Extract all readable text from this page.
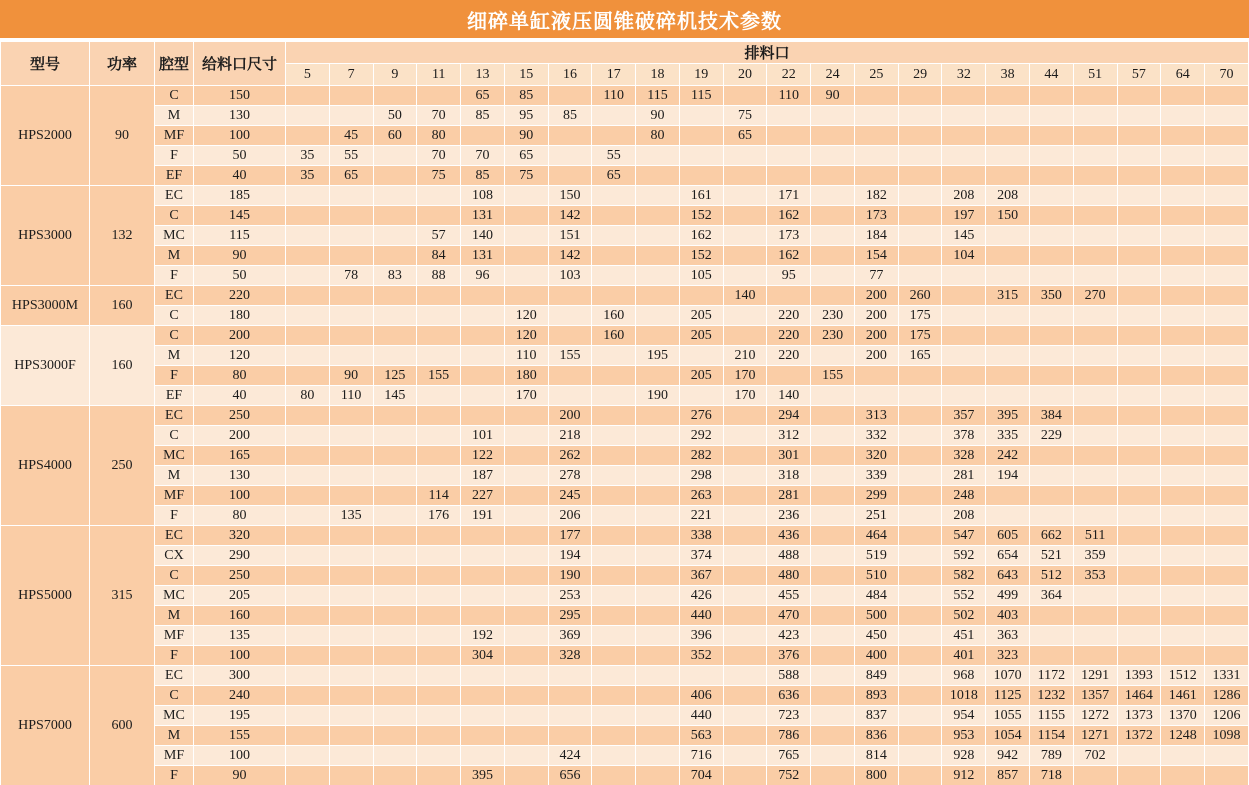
细碎单缸液压圆锥破碎机技术参数
型号	功率	腔型	给料口尺寸	排料口																					
				5	7	9	11	13	15	16	17	18	19	20	22	24	25	29	32	38	44	51	57	64	70
HPS2000	90	C	150					65	85		110	115	115		110	90									
		M	130			50	70	85	95	85		90		75											
		MF	100		45	60	80		90			80		65											
		F	50	35	55		70	70	65		55														
		EF	40	35	65		75	85	75		65														
HPS3000	132	EC	185					108		150			161		171		182		208	208					
		C	145					131		142			152		162		173		197	150					
		MC	115				57	140		151			162		173		184		145						
		M	90				84	131		142			152		162		154		104						
		F	50		78	83	88	96		103			105		95		77								
HPS3000M	160	EC	220											140			200	260		315	350	270			
		C	180						120		160		205		220	230	200	175							
HPS3000F	160	C	200						120		160		205		220	230	200	175							
		M	120						110	155		195		210	220		200	165							
		F	80		90	125	155		180				205	170		155									
		EF	40	80	110	145			170			190		170	140										
HPS4000	250	EC	250							200			276		294		313		357	395	384				
		C	200					101		218			292		312		332		378	335	229				
		MC	165					122		262			282		301		320		328	242					
		M	130					187		278			298		318		339		281	194					
		MF	100				114	227		245			263		281		299		248						
		F	80		135		176	191		206			221		236		251		208						
HPS5000	315	EC	320							177			338		436		464		547	605	662	511			
		CX	290							194			374		488		519		592	654	521	359			
		C	250							190			367		480		510		582	643	512	353			
		MC	205							253			426		455		484		552	499	364				
		M	160							295			440		470		500		502	403					
		MF	135					192		369			396		423		450		451	363					
		F	100					304		328			352		376		400		401	323					
HPS7000	600	EC	300												588		849		968	1070	1172	1291	1393	1512	1331
		C	240										406		636		893		1018	1125	1232	1357	1464	1461	1286
		MC	195										440		723		837		954	1055	1155	1272	1373	1370	1206
		M	155										563		786		836		953	1054	1154	1271	1372	1248	1098
		MF	100							424			716		765		814		928	942	789	702			
		F	90					395		656			704		752		800		912	857	718				
